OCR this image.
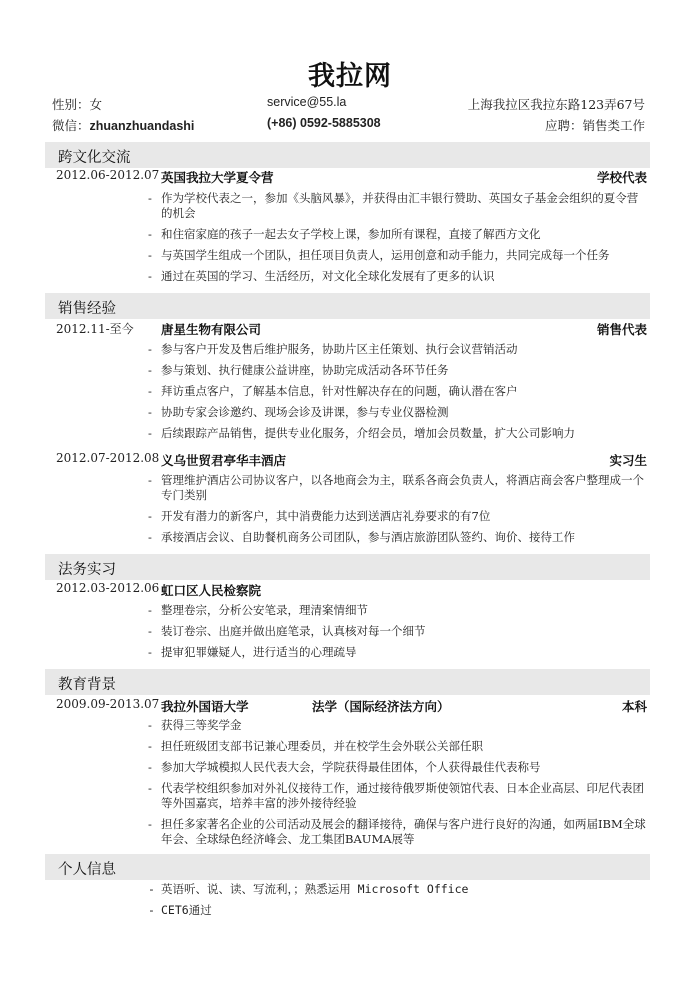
我拉网
性别：女	service@55.la	上海我拉区我拉东路123弄67号
微信：zhuanzhuandashi	(+86) 0592-5885308	应聘：销售类工作
跨文化交流
2012.06-2012.07 英国我拉大学夏令营	学校代表
- 作为学校代表之一，参加《头脑风暴》，并获得由汇丰银行赞助、英国女子基金会组织的夏令营的机会
- 和住宿家庭的孩子一起去女子学校上课，参加所有课程，直接了解西方文化
- 与英国学生组成一个团队，担任项目负责人，运用创意和动手能力，共同完成每一个任务
- 通过在英国的学习、生活经历，对文化全球化发展有了更多的认识
销售经验
2012.11-至今 唐星生物有限公司	销售代表
- 参与客户开发及售后维护服务，协助片区主任策划、执行会议营销活动
- 参与策划、执行健康公益讲座，协助完成活动各环节任务
- 拜访重点客户，了解基本信息，针对性解决存在的问题，确认潜在客户
- 协助专家会诊邀约、现场会诊及讲课，参与专业仪器检测
- 后续跟踪产品销售，提供专业化服务，介绍会员，增加会员数量，扩大公司影响力
2012.07-2012.08 义乌世贸君亭华丰酒店	实习生
- 管理维护酒店公司协议客户，以各地商会为主，联系各商会负责人，将酒店商会客户整理成一个专门类别
- 开发有潜力的新客户，其中消费能力达到送酒店礼券要求的有7位
- 承接酒店会议、自助餐机商务公司团队，参与酒店旅游团队签约、询价、接待工作
法务实习
2012.03-2012.06 虹口区人民检察院
- 整理卷宗，分析公安笔录，理清案情细节
- 装订卷宗、出庭并做出庭笔录，认真核对每一个细节
- 提审犯罪嫌疑人，进行适当的心理疏导
教育背景
2009.09-2013.07 我拉外国语大学	法学（国际经济法方向）	本科
- 获得三等奖学金
- 担任班级团支部书记兼心理委员，并在校学生会外联公关部任职
- 参加大学城模拟人民代表大会，学院获得最佳团体，个人获得最佳代表称号
- 代表学校组织参加对外礼仪接待工作，通过接待俄罗斯使领馆代表、日本企业高层、印尼代表团等外国嘉宾，培养丰富的涉外接待经验
- 担任多家著名企业的公司活动及展会的翻译接待，确保与客户进行良好的沟通，如两届IBM全球年会、全球绿色经济峰会、龙工集团BAUMA展等
个人信息
- 英语听、说、读、写流利，；熟悉运用 Microsoft Office
- CET6通过
